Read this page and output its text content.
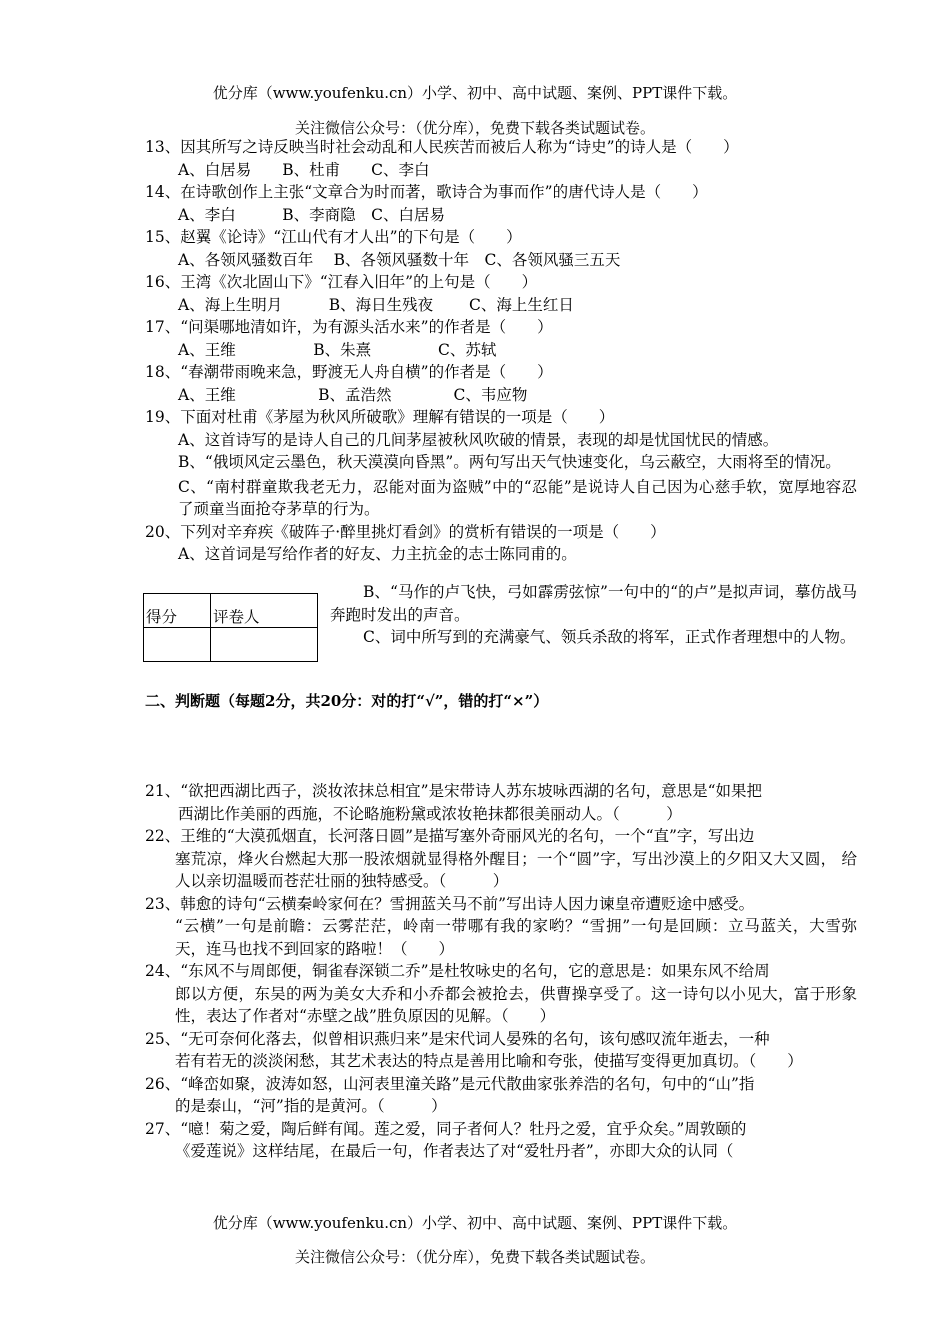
优分库（www.youfenku.cn）小学、初中、高中试题、案例、PPT课件下载。
关注微信公众号：（优分库），免费下载各类试题试卷。
13、因其所写之诗反映当时社会动乱和人民疾苦而被后人称为“诗史”的诗人是（　　）
A、白居易　　B、杜甫　　C、李白
14、在诗歌创作上主张“文章合为时而著，歌诗合为事而作”的唐代诗人是（　　）
A、李白　　　B、李商隐　C、白居易
15、赵翼《论诗》“江山代有才人出”的下句是（　　）
A、各领风骚数百年　 B、各领风骚数十年　C、各领风骚三五天
16、王湾《次北固山下》“江春入旧年”的上句是（　　）
A、海上生明月　　　B、海日生残夜　　 C、海上生红日
17、“问渠哪地清如许，为有源头活水来”的作者是（　　）
A、王维　　　　　B、朱熹　　　　 C、苏轼
18、“春潮带雨晚来急，野渡无人舟自横”的作者是（　　）
A、王维　　　　　 B、孟浩然　　　　C、韦应物
19、下面对杜甫《茅屋为秋风所破歌》理解有错误的一项是（　　）
A、这首诗写的是诗人自己的几间茅屋被秋风吹破的情景，表现的却是忧国忧民的情感。
B、“俄顷风定云墨色，秋天漠漠向昏黑”。两句写出天气快速变化，乌云蔽空，大雨将至的情况。
C、“南村群童欺我老无力，忍能对面为盗贼”中的“忍能”是说诗人自己因为心慈手软，宽厚地容忍了顽童当面抢夺茅草的行为。
20、下列对辛弃疾《破阵子·醉里挑灯看剑》的赏析有错误的一项是（　　）
A、这首词是写给作者的好友、力主抗金的志士陈同甫的。
得分	评卷人

B、“马作的卢飞快，弓如霹雳弦惊”一句中的“的卢”是拟声词，摹仿战马奔跑时发出的声音。
C、词中所写到的充满豪气、领兵杀敌的将军，正式作者理想中的人物。
二、判断题（每题2分，共20分：对的打“√”，错的打“×”）
21、“欲把西湖比西子，淡妆浓抹总相宜”是宋带诗人苏东坡咏西湖的名句，意思是“如果把
西湖比作美丽的西施，不论略施粉黛或浓妆艳抹都很美丽动人。（　　　）
22、王维的“大漠孤烟直，长河落日圆”是描写塞外奇丽风光的名句，一个“直”字，写出边
塞荒凉，烽火台燃起大那一股浓烟就显得格外醒目；一个“圆”字，写出沙漠上的夕阳又大又圆， 给 人以亲切温暖而苍茫壮丽的独特感受。（　　　）
23、韩愈的诗句“云横秦岭家何在？雪拥蓝关马不前”写出诗人因力谏皇帝遭贬途中感受。
“云横”一句是前瞻：云雾茫茫，岭南一带哪有我的家哟？“雪拥”一句是回顾：立马蓝关，大雪弥天，连马也找不到回家的路啦！（　　）
24、“东风不与周郎便，铜雀春深锁二乔”是杜牧咏史的名句，它的意思是：如果东风不给周
郎以方便，东吴的两为美女大乔和小乔都会被抢去，供曹操享受了。这一诗句以小见大，富于形象性，表达了作者对“赤壁之战”胜负原因的见解。（　　）
25、“无可奈何化落去，似曾相识燕归来”是宋代词人晏殊的名句，该句感叹流年逝去，一种
若有若无的淡淡闲愁，其艺术表达的特点是善用比喻和夸张，使描写变得更加真切。（　　）
26、“峰峦如聚，波涛如怒，山河表里潼关路”是元代散曲家张养浩的名句，句中的“山”指
的是泰山，“河”指的是黄河。（　　　）
27、“噫！菊之爱，陶后鲜有闻。莲之爱，同子者何人？牡丹之爱，宜乎众矣。”周敦颐的
《爱莲说》这样结尾，在最后一句，作者表达了对“爱牡丹者”，亦即大众的认同（
优分库（www.youfenku.cn）小学、初中、高中试题、案例、PPT课件下载。
关注微信公众号：（优分库），免费下载各类试题试卷。
